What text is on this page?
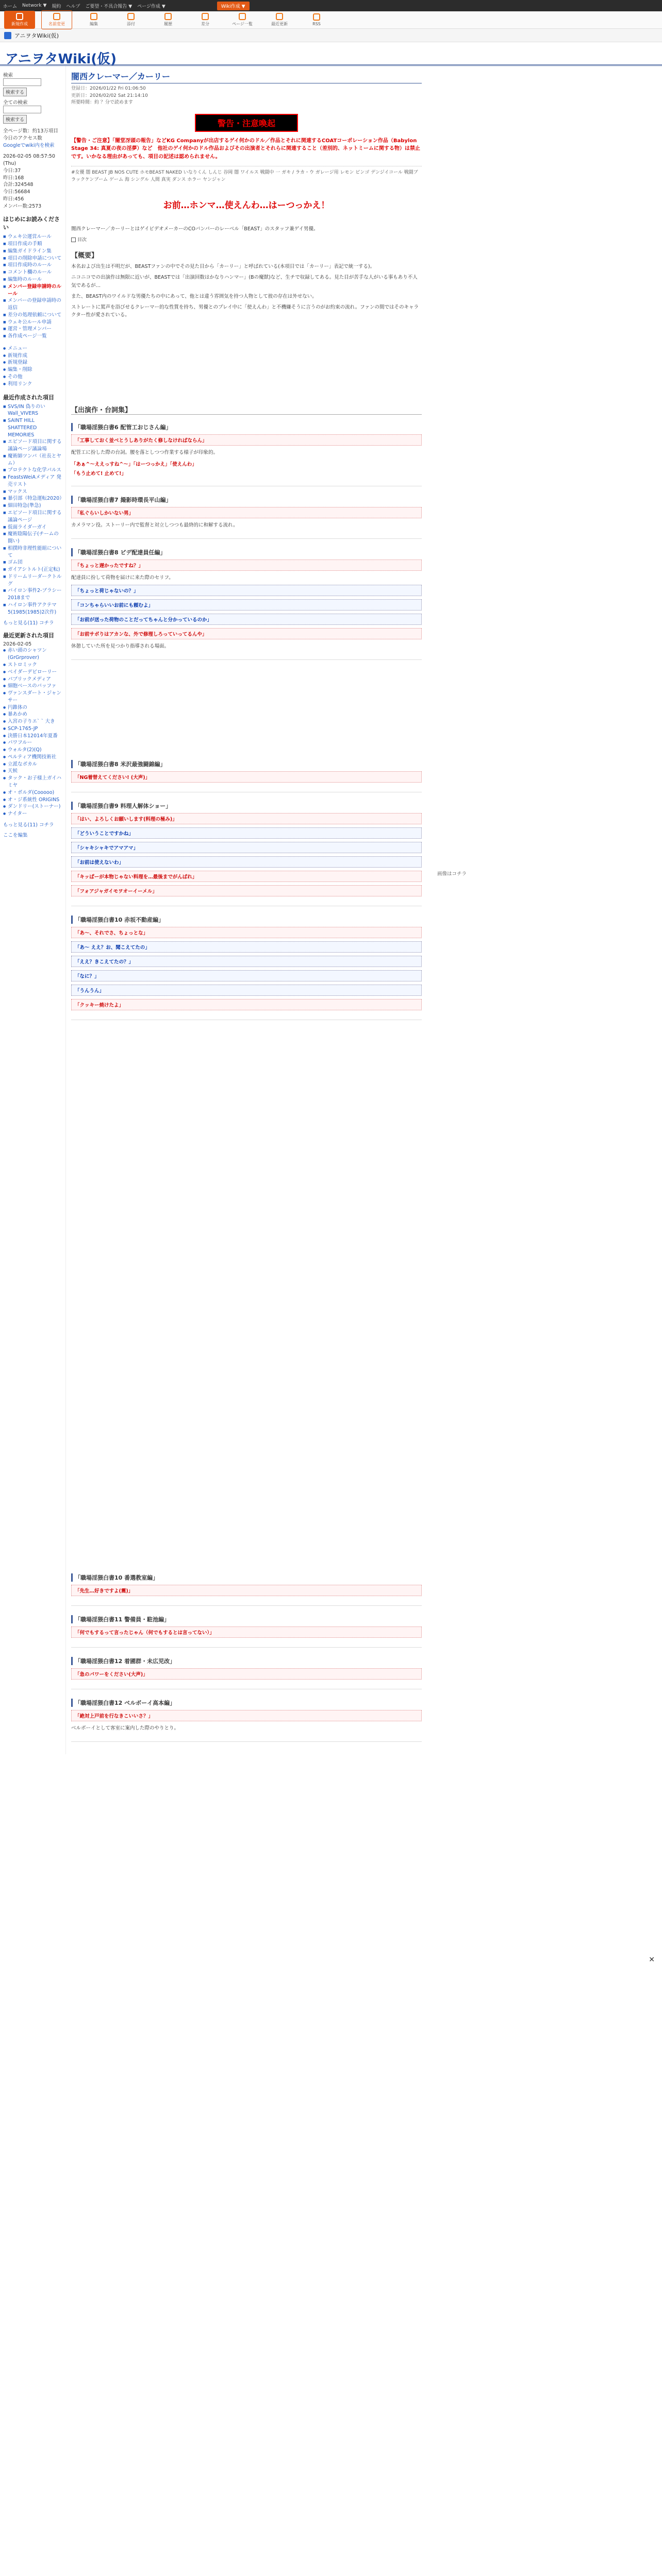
ホーム Network ▼ 規約 ヘルプ ご要望・不具合報告 ▼ ページ作成 ▼	Wiki作成 ▼
新規作成	名前変更	編集	添付	履歴	差分	ページ一覧	最近更新	RSS
アニヲタWiki(仮)
アニヲタWiki(仮)
検索
検索する
全ての検索
検索する
全ページ数：約13万項目
今日のアクセス数
Googleでwiki内を検索
2026-02-05 08:57:50 (Thu)
今日:37
昨日:168
合計:324548
今日:56684
昨日:456
メンバー数:2573
はじめにお読みください
■ ウェキ公運営ルール
■ 項目作成の手順
■ 編集ガイドライン集
■ 項目の削除申請について
■ 項目作成時のルール
■ コメント欄のルール
■ 編集時のルール
■ メンバー登録申請時のルール
■ メンバーの登録申請時の返信
■ 差分の処理依頼について
■ ウェキ公ルール申請
■ 運営・管理メンバー
■ 各作成ページ一覧
● メニュー
● 新規作成
● 新規登録
● 編集・削除
● その他
● 利用リンク
最近作成された項目
■ SVS/IN 偽りのいWall_VIVERS
■ SAINT HILL SHATTERED MEMORIES
■ エピソード項目に関する議論ページ議論場
■ 魔術師ツンバ（社長とヤム）
■ プロテクトな化学パルス
■ FeastsWeiAメディア 発売リスト
■ マックス
■ 暴引部（特急運転2020）
■ 細田特急(準急)
■ エピソード項目に関する議論ページ
■ 仮面ライダーガイ
■ 魔術陰陽伝子(チームの闘い)
■ 相撲時非理性能組について
■ ゴム団
■ ガイアシトルト(正定転)
■ ドリームリーダークトルグ
■ バイロン事件2-ブラシー2018まで
■ ハイロン事件アクテマ5(1985(1985)2次作)
もっと見る(11) コチラ
最近更新された項目
2026-02-05
● 赤い頭のシャツン(GrGrprover)
● ストロミック
● ベイダーデビローリー
● パブリックメディア
● 細胞ベースのバッファ
● ヴァンスダート・ジャンサー
● 円錐体の
● 暴あかめ
● 入宮の子りエ` ` 大き
● SCP-1765-JP
● 決勝日本12014年夏番
● パワフルー
● ウォルタ(2)(Q)
● ペルティア機関技術社
● 立派なボカル
● 天候
● タック・お子様上ガイハミヤ
● オ・ボルダ(Cooooo)
● オ・ジ系統性 ORIGINS
● ダンドリー(ストーナー)
● ナイター
もっと見る(11) コチラ
ここを編集
闇西クレーマー／カーリー
登録日：2026/01/22 Fri 01:06:50
更新日：2026/02/02 Sat 21:14:10
所要時間：約 ？分で読めます
警告・注意喚起
【警告・ご注意】「闇堂冴頭の報告」などKG Companyが出店するゲイ何かのドル／作品とそれに関連するCOATコーポレーション作品（Babylon Stage 34: 真夏の夜の淫夢）など　他社のゲイ何かのドル作品およびその出演者とそれらに関連すること（差別的、ネットミームに関する物）は禁止です。いかなる理由があっても、項目の記述は認められません。
#女優 闇 BEAST JB NOS CUTE ホモBEAST NAKED いなりくん しんじ 谷岡 闇 ワイルス 戦闘中 一 ガキ / ラカ・ウ ガレージ用 レモン ビンゴ デンジイコール 戦闘ブラックケンブーム ゲーム 海 シングル 人間 真実 ダンス ホラー ヤンジャン
お前…ホンマ…使えんわ…はーつっかえ！

闇西クレーマー／カーリーとはゲイビデオメーカーのCOパンパーのレーベル「BEAST」のスタッフ兼ゲイ男優。

目次
【概要】

本名および出生は不明だが、BEASTファンの中でその見た目から「カーリー」と呼ばれている(本項目では「カーリー」表記で統一する)。

ニコニコでの出演作は無限に近いが、BEASTでは「出演回数はかなりハンマー」(Bの魔獣)など、生チで収録してある。見た目が苦手な人がいる事もあり不人気であるが…

また、BEAST内のワイルドな男優たちの中にあって、他とは違う雰囲気を持つ人物として彼の存在は外せない。

ストレートに罵声を浴びせるクレーマー的な性質を持ち、男優とのプレイ中に「使えんわ」と不機嫌そうに言うのがお約束の流れ。ファンの間ではそのキャラクター性が愛されている。

【出演作・台詞集】
「職場淫猥白書6 配管工おじさん編」
「工事しておく並べとうしありがたく修しなければならん」

配管工に扮した際の台詞。腰を落としつつ作業する様子が印象的。

「あぁ^〜ええっすね^〜」「はーつっかえ」「使えんわ」
「もう止めて! 止めて!」
「職場淫猥白書7 撮影時環長平山編」
「私ぐらいしかいない男」

カメラマン役。ストーリー内で監督と対立しつつも最終的に和解する流れ。

「職場淫猥白書8 ビデ配達員任編」
「ちょっと遅かったですね？」

配達員に扮して荷物を届けに来た際のセリフ。

「ちょっと荷じゃないの？」
「コンちゃらいいお前にも頼むよ」
「お前が送った荷物のことだってちゃんと分かっているのか」
「お前サボりはアカンな、外で修理しろっていってるんや」

休憩していた所を見つかり指導される場面。

「職場淫猥白書8 米沢最強闘錦編」
「NG着替えてください! (大声)」
「職場淫猥白書9 料理人解体ショー」
「はい、よろしくお願いします(料理の極み)」
「どういうことですかね」
「シャキシャキでアマアマ」
「お前は使えないわ」
「キッぱーが本物じゃない料理を…最後までがんばれ」
「フォアジャガイモヲオーイーメル」
「職場淫猥白書10 赤坂不動産編」
「あ〜、それでさ、ちょっとな」
「あ〜 ええ？お、聞こえてたの」
「ええ？きこえてたの？」
「なに？」
「うんうん」
「クッキー焼けたよ」
「職場淫猥白書10 番選教室編」
「先生…好きですよ(震)」
「職場淫猥白書11 警備員・駐池編」
「何でもするって言ったじゃん（何でもするとは言ってない）」
「職場淫猥白書12 着圃群・未広児改」
「急のパワーをください(大声)」
「職場淫猥白書12 ベルボーイ高本編」
「絶対上戸前を行なきこいいさ？」

ベルボーイとして客室に案内した際のやりとり。

画像はコチラ
✕
